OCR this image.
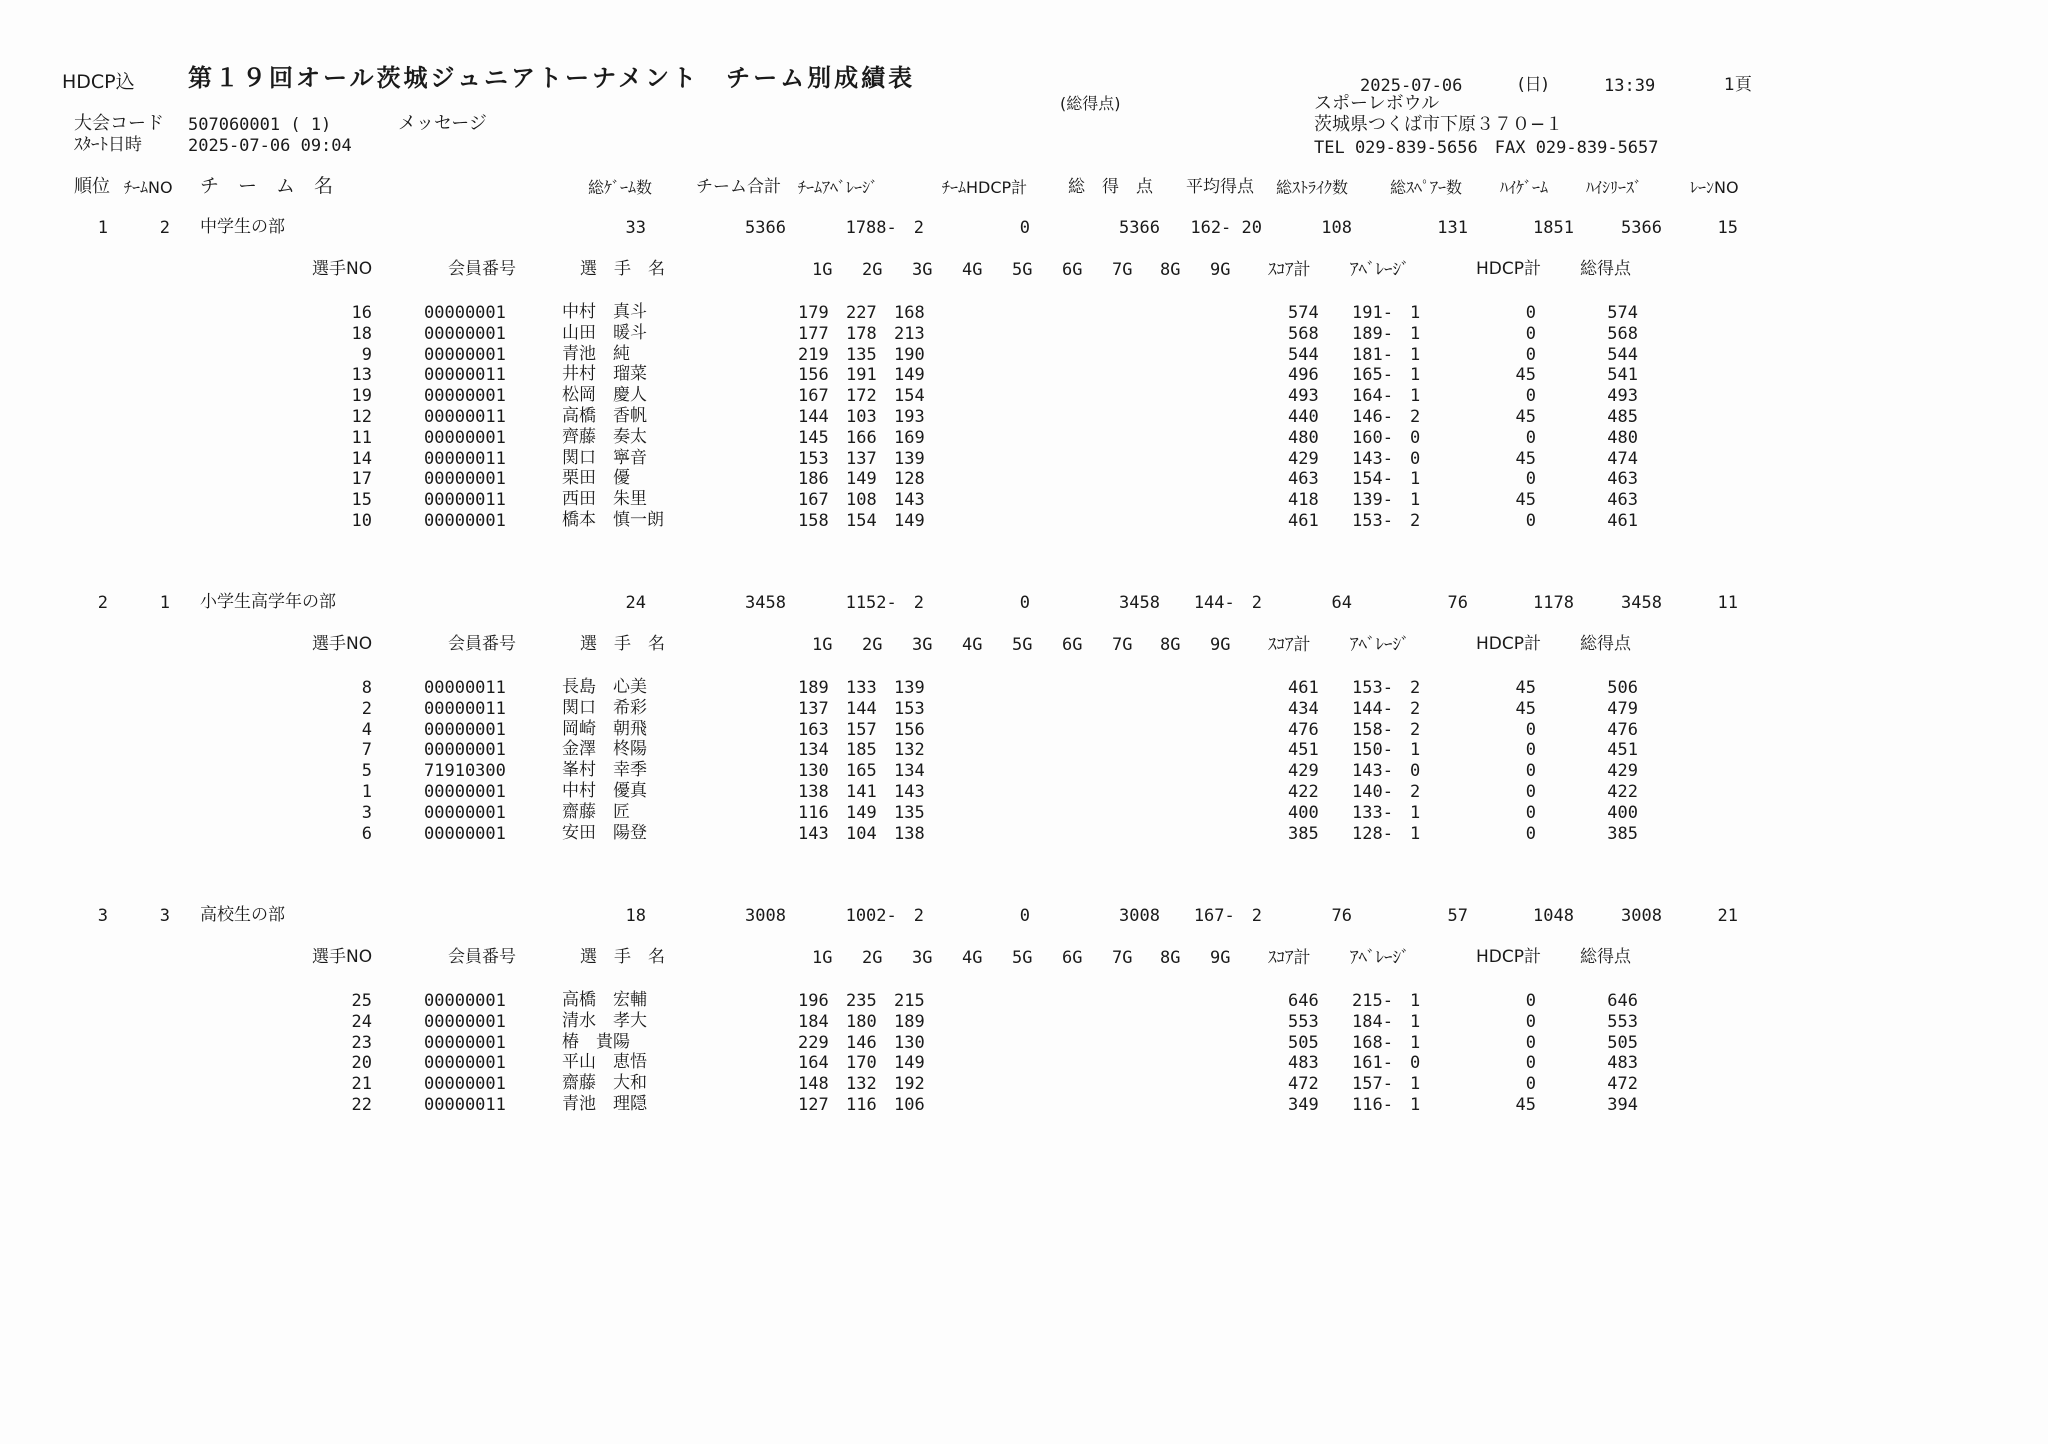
HDCP込 第１９回オール茨城ジュニアトーナメント　チーム別成績表
(総得点)
2025-07-06	(日)	13:39	1頁
スポーレボウル
茨城県つくば市下原３７０−１
TEL 029-839-5656　FAX 029-839-5657
大会コード 507060001 ( 1)	メッセージ
ｽﾀｰﾄ日時	2025-07-06 09:04
順位 ﾁｰﾑNO チ　ー　ム　名	総ｹﾞｰﾑ数	チーム合計 ﾁｰﾑｱﾍﾞﾚｰｼﾞ	ﾁｰﾑHDCP計 総　得　点 平均得点 総ｽﾄﾗｲｸ数	総ｽﾍﾟｱｰ数 ﾊｲｹﾞｰﾑ ﾊｲｼﾘｰｽﾞ	ﾚｰﾝNO
1	2 中学生の部	33	5366	1788-　2	0	5366	162- 20	108	131	1851	5366	15
選手NO	会員番号	選　手　名	1G 2G 3G 4G 5G 6G 7G 8G 9G ｽｺｱ計 ｱﾍﾞﾚｰｼﾞ	HDCP計 総得点
16	00000001	中村　真斗	179 227 168	574 191-　1	0	574
18	00000001	山田　暖斗	177 178 213	568 189-　1	0	568
9	00000001	青池　純	219 135 190	544 181-　1	0	544
13	00000011	井村　瑠菜	156 191 149	496 165-　1	45	541
19	00000001	松岡　慶人	167 172 154	493 164-　1	0	493
12	00000011	高橋　香帆	144 103 193	440 146-　2	45	485
11	00000001	齊藤　奏太	145 166 169	480 160-　0	0	480
14	00000011	関口　寧音	153 137 139	429 143-　0	45	474
17	00000001	栗田　優	186 149 128	463 154-　1	0	463
15	00000011	西田　朱里	167 108 143	418 139-　1	45	463
10	00000001	橋本　慎一朗	158 154 149	461 153-　2	0	461
2	1 小学生高学年の部	24	3458	1152-　2	0	3458	144-　2	64	76	1178	3458	11
選手NO	会員番号	選　手　名	1G 2G 3G 4G 5G 6G 7G 8G 9G ｽｺｱ計 ｱﾍﾞﾚｰｼﾞ	HDCP計 総得点
8	00000011	長島　心美	189 133 139	461 153-　2	45	506
2	00000011	関口　希彩	137 144 153	434 144-　2	45	479
4	00000001	岡崎　朝飛	163 157 156	476 158-　2	0	476
7	00000001	金澤　柊陽	134 185 132	451 150-　1	0	451
5	71910300	峯村　幸季	130 165 134	429 143-　0	0	429
1	00000001	中村　優真	138 141 143	422 140-　2	0	422
3	00000001	齋藤　匠	116 149 135	400 133-　1	0	400
6	00000001	安田　陽登	143 104 138	385 128-　1	0	385
3	3 高校生の部	18	3008	1002-　2	0	3008	167-　2	76	57	1048	3008	21
選手NO	会員番号	選　手　名	1G 2G 3G 4G 5G 6G 7G 8G 9G ｽｺｱ計 ｱﾍﾞﾚｰｼﾞ	HDCP計 総得点
25	00000001	高橋　宏輔	196 235 215	646 215-　1	0	646
24	00000001	清水　孝大	184 180 189	553 184-　1	0	553
23	00000001	椿　貴陽	229 146 130	505 168-　1	0	505
20	00000001	平山　恵悟	164 170 149	483 161-　0	0	483
21	00000001	齋藤　大和	148 132 192	472 157-　1	0	472
22	00000011	青池　理隠	127 116 106	349 116-　1	45	394
